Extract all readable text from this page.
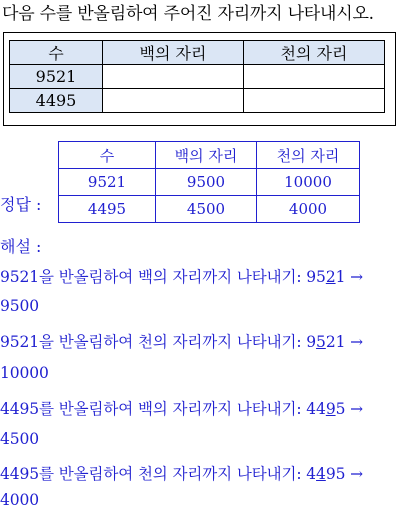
다음 수를 반올림하여 주어진 자리까지 나타내시오.
수	백의 자리	천의 자리
9521		
4495		
정답 :
수	백의 자리	천의 자리
9521	9500	10000
4495	4500	4000
해설 :
9521을 반올림하여 백의 자리까지 나타내기: 9521 →
9500
9521을 반올림하여 천의 자리까지 나타내기: 9521 →
10000
4495를 반올림하여 백의 자리까지 나타내기: 4495 →
4500
4495를 반올림하여 천의 자리까지 나타내기: 4495 →
4000
